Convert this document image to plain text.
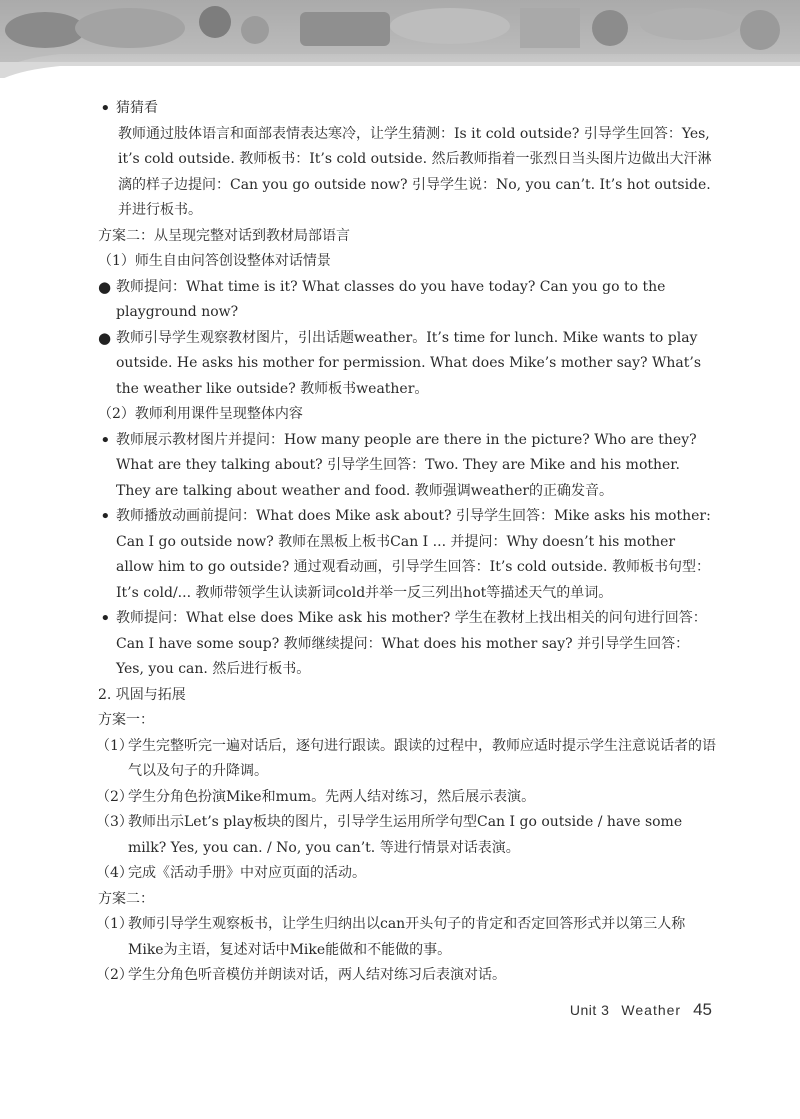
• 猜猜看

教师通过肢体语言和面部表情表达寒冷，让学生猜测：Is it cold outside? 引导学生回答：Yes, it’s cold outside. 教师板书：It’s cold outside. 然后教师指着一张烈日当头图片边做出大汗淋漓的样子边提问：Can you go outside now? 引导学生说：No, you can’t. It’s hot outside. 并进行板书。

方案二：从呈现完整对话到教材局部语言

（1）师生自由问答创设整体对话情景

● 教师提问：What time is it? What classes do you have today? Can you go to the playground now?

● 教师引导学生观察教材图片，引出话题weather。It’s time for lunch. Mike wants to play outside. He asks his mother for permission. What does Mike’s mother say? What’s the weather like outside? 教师板书weather。

（2）教师利用课件呈现整体内容

• 教师展示教材图片并提问：How many people are there in the picture? Who are they? What are they talking about? 引导学生回答：Two. They are Mike and his mother. They are talking about weather and food. 教师强调weather的正确发音。

• 教师播放动画前提问：What does Mike ask about? 引导学生回答：Mike asks his mother: Can I go outside now? 教师在黑板上板书Can I ... 并提问：Why doesn’t his mother allow him to go outside? 通过观看动画，引导学生回答：It’s cold outside. 教师板书句型：It’s cold/... 教师带领学生认读新词cold并举一反三列出hot等描述天气的单词。

• 教师提问：What else does Mike ask his mother? 学生在教材上找出相关的问句进行回答：Can I have some soup? 教师继续提问：What does his mother say? 并引导学生回答：Yes, you can. 然后进行板书。

2. 巩固与拓展

方案一：

（1）
学生完整听完一遍对话后，逐句进行跟读。跟读的过程中，教师应适时提示学生注意说话者的语气以及句子的升降调。

（2）
学生分角色扮演Mike和mum。先两人结对练习，然后展示表演。

（3）
教师出示Let’s play板块的图片，引导学生运用所学句型Can I go outside / have some milk? Yes, you can. / No, you can’t. 等进行情景对话表演。

（4）
完成《活动手册》中对应页面的活动。

方案二：

（1）
教师引导学生观察板书，让学生归纳出以can开头句子的肯定和否定回答形式并以第三人称Mike为主语，复述对话中Mike能做和不能做的事。

（2）
学生分角色听音模仿并朗读对话，两人结对练习后表演对话。

Unit 3 Weather 45
